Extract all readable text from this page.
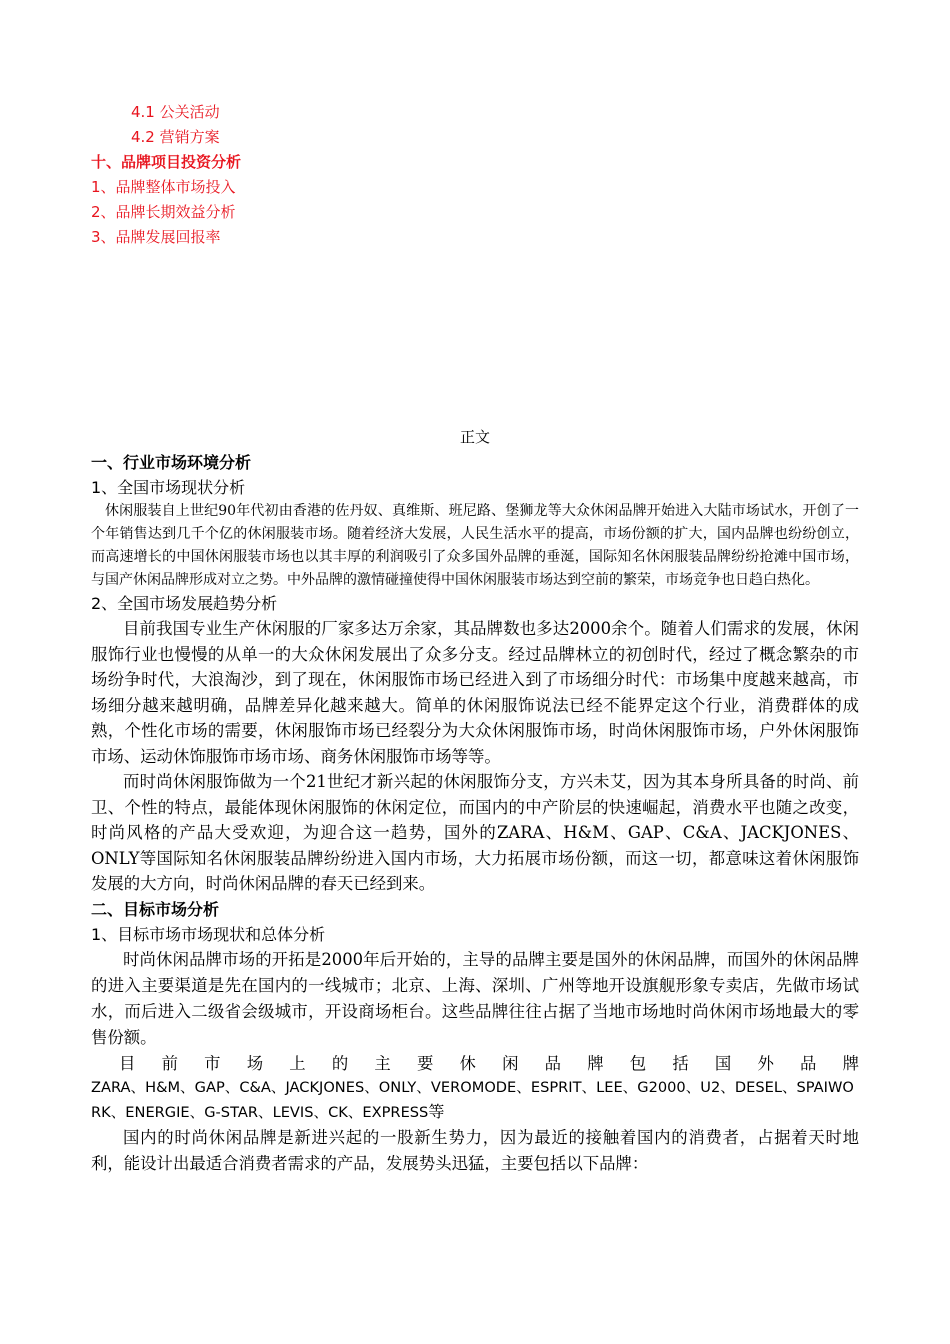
4.1 公关活动
4.2 营销方案
十、品牌项目投资分析
1、品牌整体市场投入
2、品牌长期效益分析
3、品牌发展回报率
正文
一、行业市场环境分析
1、全国市场现状分析

休闲服装自上世纪90年代初由香港的佐丹奴、真维斯、班尼路、堡狮龙等大众休闲品牌开始进入大陆市场试水，开创了一个年销售达到几千个亿的休闲服装市场。随着经济大发展，人民生活水平的提高，市场份额的扩大，国内品牌也纷纷创立，而高速增长的中国休闲服装市场也以其丰厚的利润吸引了众多国外品牌的垂涎，国际知名休闲服装品牌纷纷抢滩中国市场，与国产休闲品牌形成对立之势。中外品牌的激情碰撞使得中国休闲服装市场达到空前的繁荣，市场竞争也日趋白热化。

2、全国市场发展趋势分析

目前我国专业生产休闲服的厂家多达万余家，其品牌数也多达2000余个。随着人们需求的发展，休闲服饰行业也慢慢的从单一的大众休闲发展出了众多分支。经过品牌林立的初创时代，经过了概念繁杂的市场纷争时代，大浪淘沙，到了现在，休闲服饰市场已经进入到了市场细分时代：市场集中度越来越高，市场细分越来越明确，品牌差异化越来越大。简单的休闲服饰说法已经不能界定这个行业，消费群体的成熟，个性化市场的需要，休闲服饰市场已经裂分为大众休闲服饰市场，时尚休闲服饰市场，户外休闲服饰市场、运动休饰服饰市场市场、商务休闲服饰市场等等。

而时尚休闲服饰做为一个21世纪才新兴起的休闲服饰分支，方兴未艾，因为其本身所具备的时尚、前卫、个性的特点，最能体现休闲服饰的休闲定位，而国内的中产阶层的快速崛起，消费水平也随之改变，时尚风格的产品大受欢迎，为迎合这一趋势，国外的ZARA、H&M、GAP、C&A、JACKJONES、ONLY等国际知名休闲服装品牌纷纷进入国内市场，大力拓展市场份额，而这一切，都意味这着休闲服饰发展的大方向，时尚休闲品牌的春天已经到来。

二、目标市场分析
1、目标市场市场现状和总体分析

时尚休闲品牌市场的开拓是2000年后开始的，主导的品牌主要是国外的休闲品牌，而国外的休闲品牌的进入主要渠道是先在国内的一线城市；北京、上海、深圳、广州等地开设旗舰形象专卖店，先做市场试水，而后进入二级省会级城市，开设商场柜台。这些品牌往往占据了当地市场地时尚休闲市场地最大的零售份额。

目前市场上的主要休闲品牌包括国外品牌
ZARA、H&M、GAP、C&A、JACKJONES、ONLY、VEROMODE、ESPRIT、LEE、G2000、U2、DESEL、SPAIWORK、ENERGIE、G-STAR、LEVIS、CK、EXPRESS等

国内的时尚休闲品牌是新进兴起的一股新生势力，因为最近的接触着国内的消费者，占据着天时地利，能设计出最适合消费者需求的产品，发展势头迅猛，主要包括以下品牌：
